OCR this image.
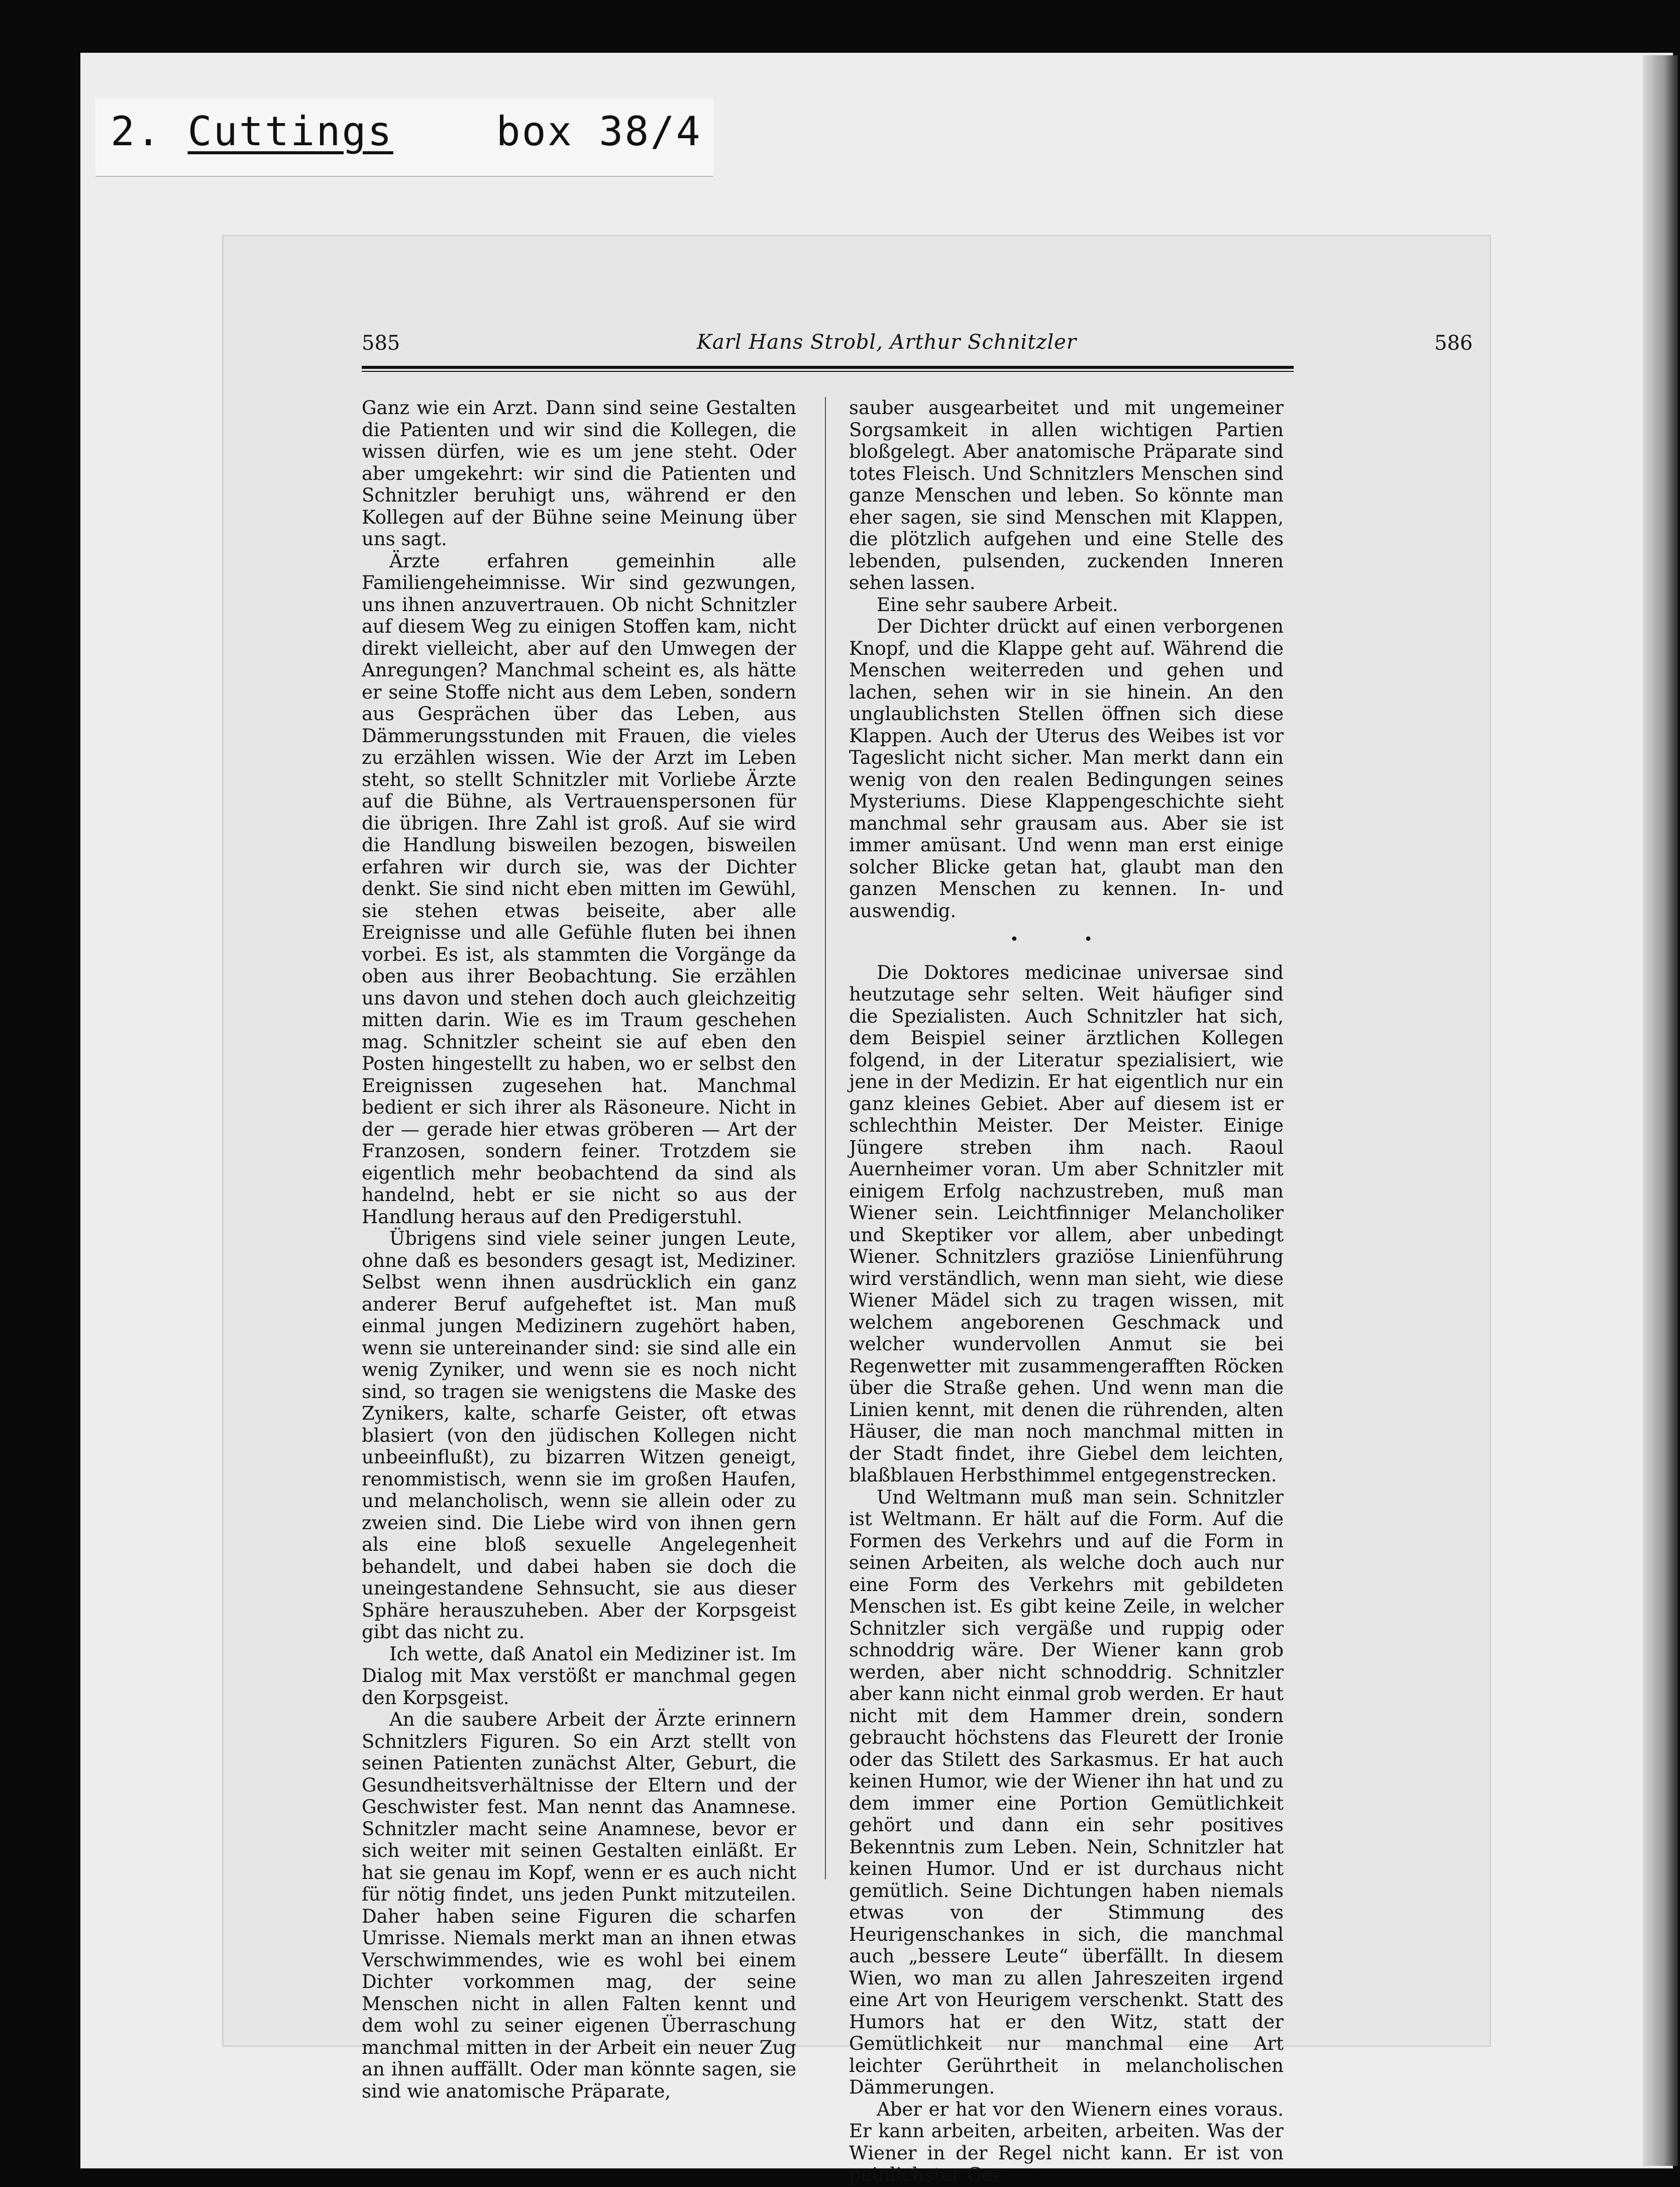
2. Cuttings	box 38/4
585	Karl Hans Strobl, Arthur Schnitzler	586

Ganz wie ein Arzt. Dann sind seine Gestalten die Patienten und wir sind die Kollegen, die wissen dürfen, wie es um jene steht. Oder aber umgekehrt: wir sind die Patienten und Schnitzler beruhigt uns, während er den Kollegen auf der Bühne seine Meinung über uns sagt.

Ärzte erfahren gemeinhin alle Familiengeheimnisse. Wir sind gezwungen, uns ihnen anzuvertrauen. Ob nicht Schnitzler auf diesem Weg zu einigen Stoffen kam, nicht direkt vielleicht, aber auf den Umwegen der Anregungen? Manchmal scheint es, als hätte er seine Stoffe nicht aus dem Leben, sondern aus Gesprächen über das Leben, aus Dämmerungsstunden mit Frauen, die vieles zu erzählen wissen. Wie der Arzt im Leben steht, so stellt Schnitzler mit Vorliebe Ärzte auf die Bühne, als Vertrauenspersonen für die übrigen. Ihre Zahl ist groß. Auf sie wird die Handlung bisweilen bezogen, bisweilen erfahren wir durch sie, was der Dichter denkt. Sie sind nicht eben mitten im Gewühl, sie stehen etwas beiseite, aber alle Ereignisse und alle Gefühle fluten bei ihnen vorbei. Es ist, als stammten die Vorgänge da oben aus ihrer Beobachtung. Sie erzählen uns davon und stehen doch auch gleichzeitig mitten darin. Wie es im Traum geschehen mag. Schnitzler scheint sie auf eben den Posten hingestellt zu haben, wo er selbst den Ereignissen zugesehen hat. Manchmal bedient er sich ihrer als Räsoneure. Nicht in der — gerade hier etwas gröberen — Art der Franzosen, sondern feiner. Trotzdem sie eigentlich mehr beobachtend da sind als handelnd, hebt er sie nicht so aus der Handlung heraus auf den Predigerstuhl.

Übrigens sind viele seiner jungen Leute, ohne daß es besonders gesagt ist, Mediziner. Selbst wenn ihnen ausdrücklich ein ganz anderer Beruf aufgeheftet ist. Man muß einmal jungen Medizinern zugehört haben, wenn sie untereinander sind: sie sind alle ein wenig Zyniker, und wenn sie es noch nicht sind, so tragen sie wenigstens die Maske des Zynikers, kalte, scharfe Geister, oft etwas blasiert (von den jüdischen Kollegen nicht unbeeinflußt), zu bizarren Witzen geneigt, renommistisch, wenn sie im großen Haufen, und melancholisch, wenn sie allein oder zu zweien sind. Die Liebe wird von ihnen gern als eine bloß sexuelle Angelegenheit behandelt, und dabei haben sie doch die uneingestandene Sehnsucht, sie aus dieser Sphäre herauszuheben. Aber der Korpsgeist gibt das nicht zu.

Ich wette, daß Anatol ein Mediziner ist. Im Dialog mit Max verstößt er manchmal gegen den Korpsgeist.

An die saubere Arbeit der Ärzte erinnern Schnitzlers Figuren. So ein Arzt stellt von seinen Patienten zunächst Alter, Geburt, die Gesundheitsverhältnisse der Eltern und der Geschwister fest. Man nennt das Anamnese. Schnitzler macht seine Anamnese, bevor er sich weiter mit seinen Gestalten einläßt. Er hat sie genau im Kopf, wenn er es auch nicht für nötig findet, uns jeden Punkt mitzuteilen. Daher haben seine Figuren die scharfen Umrisse. Niemals merkt man an ihnen etwas Verschwimmendes, wie es wohl bei einem Dichter vorkommen mag, der seine Menschen nicht in allen Falten kennt und dem wohl zu seiner eigenen Überraschung manchmal mitten in der Arbeit ein neuer Zug an ihnen auffällt. Oder man könnte sagen, sie sind wie anatomische Präparate,

sauber ausgearbeitet und mit ungemeiner Sorgsamkeit in allen wichtigen Partien bloßgelegt. Aber anatomische Präparate sind totes Fleisch. Und Schnitzlers Menschen sind ganze Menschen und leben. So könnte man eher sagen, sie sind Menschen mit Klappen, die plötzlich aufgehen und eine Stelle des lebenden, pulsenden, zuckenden Inneren sehen lassen.

Eine sehr saubere Arbeit.

Der Dichter drückt auf einen verborgenen Knopf, und die Klappe geht auf. Während die Menschen weiterreden und gehen und lachen, sehen wir in sie hinein. An den unglaublichsten Stellen öffnen sich diese Klappen. Auch der Uterus des Weibes ist vor Tageslicht nicht sicher. Man merkt dann ein wenig von den realen Bedingungen seines Mysteriums. Diese Klappengeschichte sieht manchmal sehr grausam aus. Aber sie ist immer amüsant. Und wenn man erst einige solcher Blicke getan hat, glaubt man den ganzen Menschen zu kennen. In- und auswendig.

• •

Die Doktores medicinae universae sind heutzutage sehr selten. Weit häufiger sind die Spezialisten. Auch Schnitzler hat sich, dem Beispiel seiner ärztlichen Kollegen folgend, in der Literatur spezialisiert, wie jene in der Medizin. Er hat eigentlich nur ein ganz kleines Gebiet. Aber auf diesem ist er schlechthin Meister. Der Meister. Einige Jüngere streben ihm nach. Raoul Auernheimer voran. Um aber Schnitzler mit einigem Erfolg nachzustreben, muß man Wiener sein. Leichtfinniger Melancholiker und Skeptiker vor allem, aber unbedingt Wiener. Schnitzlers graziöse Linienführung wird verständlich, wenn man sieht, wie diese Wiener Mädel sich zu tragen wissen, mit welchem angeborenen Geschmack und welcher wundervollen Anmut sie bei Regenwetter mit zusammengerafften Röcken über die Straße gehen. Und wenn man die Linien kennt, mit denen die rührenden, alten Häuser, die man noch manchmal mitten in der Stadt findet, ihre Giebel dem leichten, blaßblauen Herbsthimmel entgegenstrecken.

Und Weltmann muß man sein. Schnitzler ist Weltmann. Er hält auf die Form. Auf die Formen des Verkehrs und auf die Form in seinen Arbeiten, als welche doch auch nur eine Form des Verkehrs mit gebildeten Menschen ist. Es gibt keine Zeile, in welcher Schnitzler sich vergäße und ruppig oder schnoddrig wäre. Der Wiener kann grob werden, aber nicht schnoddrig. Schnitzler aber kann nicht einmal grob werden. Er haut nicht mit dem Hammer drein, sondern gebraucht höchstens das Fleurett der Ironie oder das Stilett des Sarkasmus. Er hat auch keinen Humor, wie der Wiener ihn hat und zu dem immer eine Portion Gemütlichkeit gehört und dann ein sehr positives Bekenntnis zum Leben. Nein, Schnitzler hat keinen Humor. Und er ist durchaus nicht gemütlich. Seine Dichtungen haben niemals etwas von der Stimmung des Heurigenschankes in sich, die manchmal auch „bessere Leute“ überfällt. In diesem Wien, wo man zu allen Jahreszeiten irgend eine Art von Heurigem verschenkt. Statt des Humors hat er den Witz, statt der Gemütlichkeit nur manchmal eine Art leichter Gerührtheit in melancholischen Dämmerungen.

Aber er hat vor den Wienern eines voraus. Er kann arbeiten, arbeiten, arbeiten. Was der Wiener in der Regel nicht kann. Er ist von peinlichster Ge-
